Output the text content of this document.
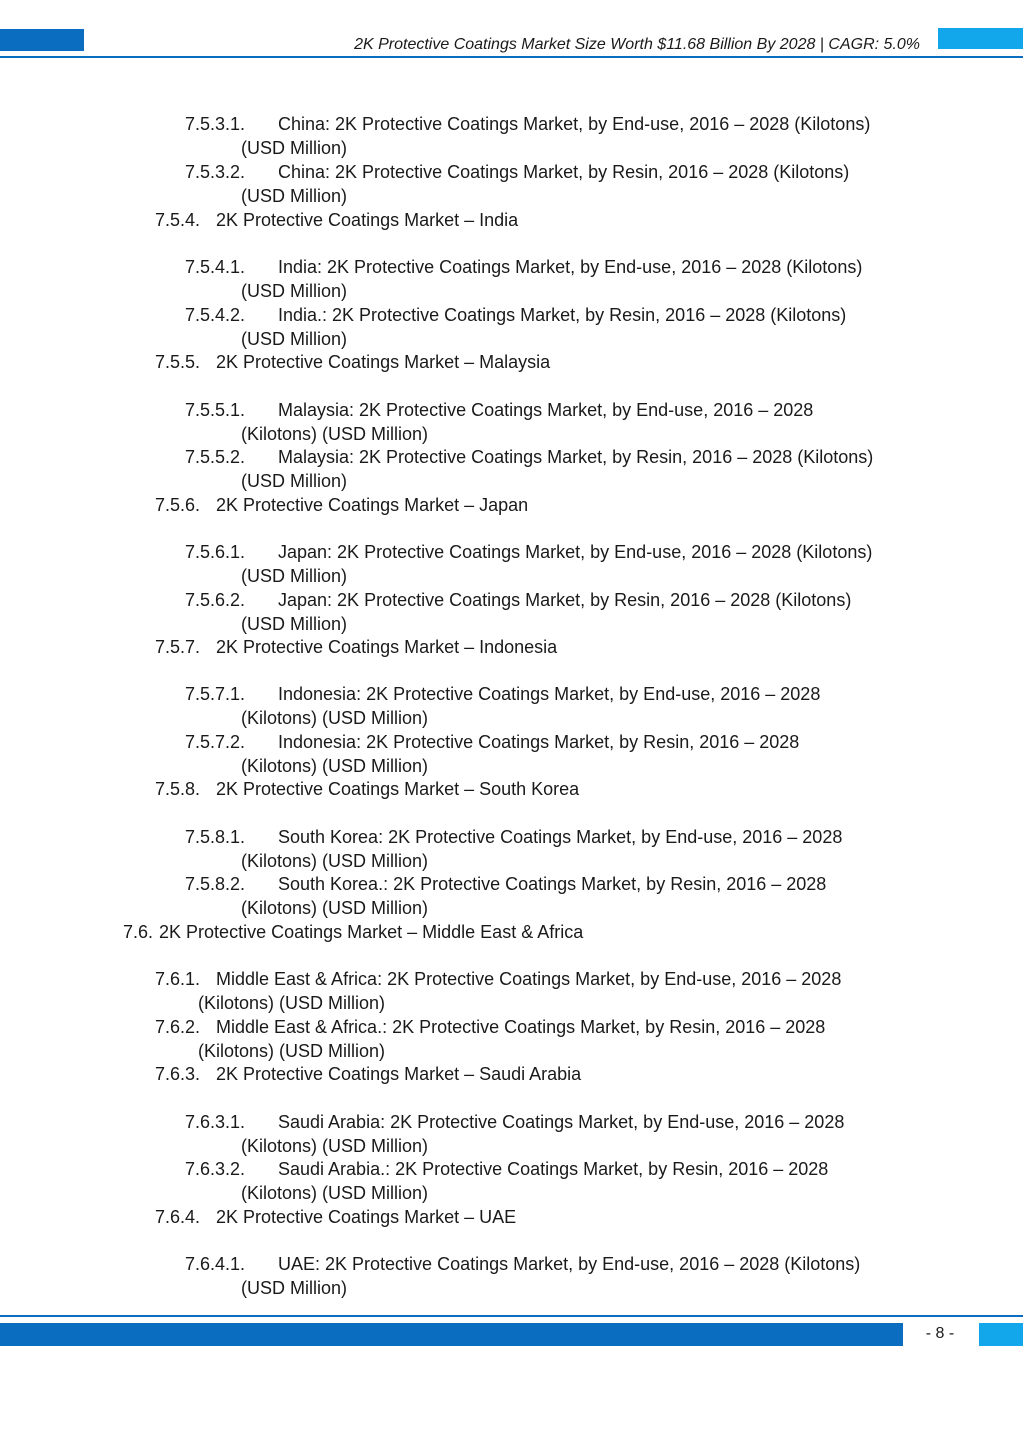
2K Protective Coatings Market Size Worth $11.68 Billion By 2028 | CAGR: 5.0%
7.5.3.1. China: 2K Protective Coatings Market, by End-use, 2016 – 2028 (Kilotons)
(USD Million)
7.5.3.2. China: 2K Protective Coatings Market, by Resin, 2016 – 2028 (Kilotons)
(USD Million)
7.5.4. 2K Protective Coatings Market – India
7.5.4.1. India: 2K Protective Coatings Market, by End-use, 2016 – 2028 (Kilotons)
(USD Million)
7.5.4.2. India.: 2K Protective Coatings Market, by Resin, 2016 – 2028 (Kilotons)
(USD Million)
7.5.5. 2K Protective Coatings Market – Malaysia
7.5.5.1. Malaysia: 2K Protective Coatings Market, by End-use, 2016 – 2028
(Kilotons) (USD Million)
7.5.5.2. Malaysia: 2K Protective Coatings Market, by Resin, 2016 – 2028 (Kilotons)
(USD Million)
7.5.6. 2K Protective Coatings Market – Japan
7.5.6.1. Japan: 2K Protective Coatings Market, by End-use, 2016 – 2028 (Kilotons)
(USD Million)
7.5.6.2. Japan: 2K Protective Coatings Market, by Resin, 2016 – 2028 (Kilotons)
(USD Million)
7.5.7. 2K Protective Coatings Market – Indonesia
7.5.7.1. Indonesia: 2K Protective Coatings Market, by End-use, 2016 – 2028
(Kilotons) (USD Million)
7.5.7.2. Indonesia: 2K Protective Coatings Market, by Resin, 2016 – 2028
(Kilotons) (USD Million)
7.5.8. 2K Protective Coatings Market – South Korea
7.5.8.1. South Korea: 2K Protective Coatings Market, by End-use, 2016 – 2028
(Kilotons) (USD Million)
7.5.8.2. South Korea.: 2K Protective Coatings Market, by Resin, 2016 – 2028
(Kilotons) (USD Million)
7.6. 2K Protective Coatings Market – Middle East & Africa
7.6.1. Middle East & Africa: 2K Protective Coatings Market, by End-use, 2016 – 2028
(Kilotons) (USD Million)
7.6.2. Middle East & Africa.: 2K Protective Coatings Market, by Resin, 2016 – 2028
(Kilotons) (USD Million)
7.6.3. 2K Protective Coatings Market – Saudi Arabia
7.6.3.1. Saudi Arabia: 2K Protective Coatings Market, by End-use, 2016 – 2028
(Kilotons) (USD Million)
7.6.3.2. Saudi Arabia.: 2K Protective Coatings Market, by Resin, 2016 – 2028
(Kilotons) (USD Million)
7.6.4. 2K Protective Coatings Market – UAE
7.6.4.1. UAE: 2K Protective Coatings Market, by End-use, 2016 – 2028 (Kilotons)
(USD Million)
- 8 -
